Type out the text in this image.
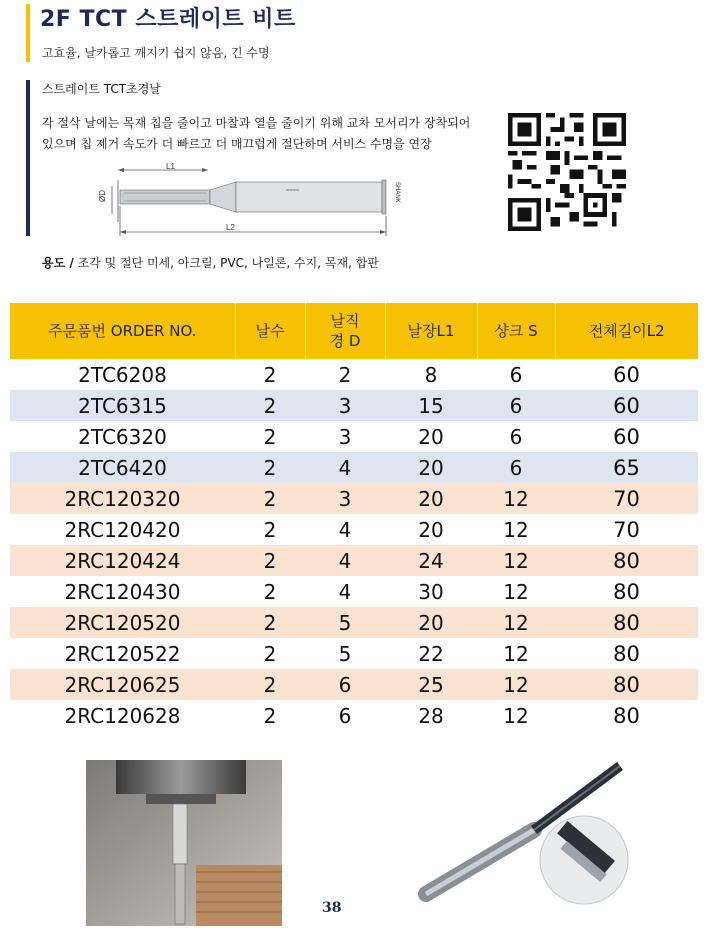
2F TCT 스트레이트 비트
고효율, 날카롭고 깨지기 쉽지 않음, 긴 수명
스트레이트 TCT초경날
각 절삭 날에는 목재 칩을 줄이고 마찰과 열을 줄이기 위해 교차 모서리가 장착되어
있으며 칩 제거 속도가 더 빠르고 더 매끄럽게 절단하며 서비스 수명을 연장
L1
ØD	≈≈≈≈	SHANK
L2
용도 / 조각 및 절단 미세, 아크릴, PVC, 나일론, 수지, 목재, 합판
주문품번 ORDER NO.	날수	날직경 D	날장L1	샹크 S	전체길이L2
2TC6208	2	2	8	6	60
2TC6315	2	3	15	6	60
2TC6320	2	3	20	6	60
2TC6420	2	4	20	6	65
2RC120320	2	3	20	12	70
2RC120420	2	4	20	12	70
2RC120424	2	4	24	12	80
2RC120430	2	4	30	12	80
2RC120520	2	5	20	12	80
2RC120522	2	5	22	12	80
2RC120625	2	6	25	12	80
2RC120628	2	6	28	12	80
38
